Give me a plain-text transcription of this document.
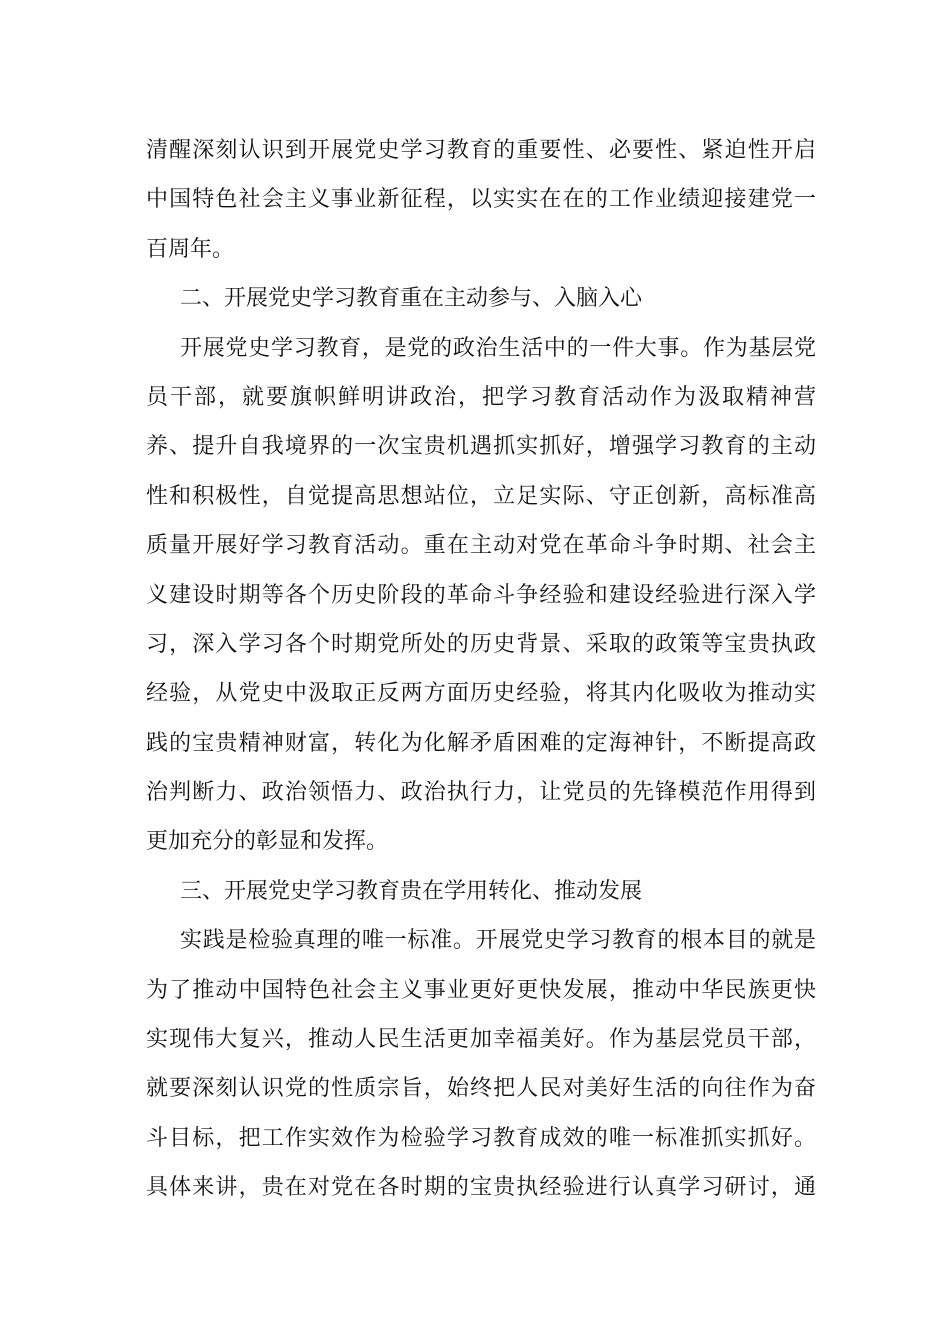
清醒深刻认识到开展党史学习教育的重要性、必要性、紧迫性开启
中国特色社会主义事业新征程，以实实在在的工作业绩迎接建党一
百周年。
二、开展党史学习教育重在主动参与、入脑入心
开展党史学习教育，是党的政治生活中的一件大事。作为基层党
员干部，就要旗帜鲜明讲政治，把学习教育活动作为汲取精神营
养、提升自我境界的一次宝贵机遇抓实抓好，增强学习教育的主动
性和积极性，自觉提高思想站位，立足实际、守正创新，高标准高
质量开展好学习教育活动。重在主动对党在革命斗争时期、社会主
义建设时期等各个历史阶段的革命斗争经验和建设经验进行深入学
习，深入学习各个时期党所处的历史背景、采取的政策等宝贵执政
经验，从党史中汲取正反两方面历史经验，将其内化吸收为推动实
践的宝贵精神财富，转化为化解矛盾困难的定海神针，不断提高政
治判断力、政治领悟力、政治执行力，让党员的先锋模范作用得到
更加充分的彰显和发挥。
三、开展党史学习教育贵在学用转化、推动发展
实践是检验真理的唯一标准。开展党史学习教育的根本目的就是
为了推动中国特色社会主义事业更好更快发展，推动中华民族更快
实现伟大复兴，推动人民生活更加幸福美好。作为基层党员干部，
就要深刻认识党的性质宗旨，始终把人民对美好生活的向往作为奋
斗目标，把工作实效作为检验学习教育成效的唯一标准抓实抓好。
具体来讲，贵在对党在各时期的宝贵执经验进行认真学习研讨，通
